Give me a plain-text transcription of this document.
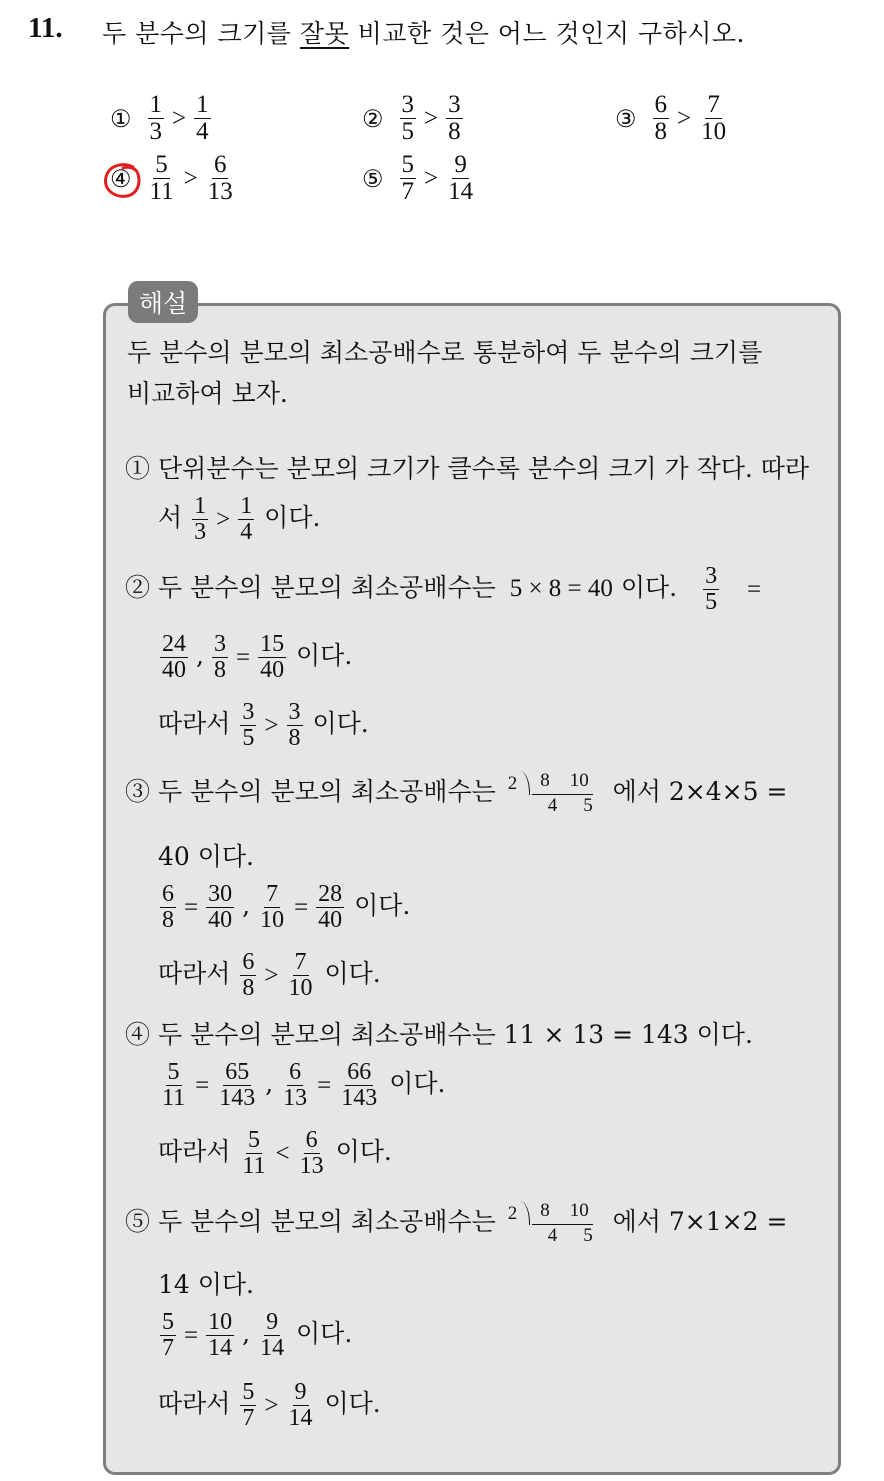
11. 두 분수의 크기를 잘못 비교한 것은 어느 것인지 구하시오.
① $\frac{1}{3} > \frac{1}{4}$	② $\frac{3}{5} > \frac{3}{8}$	③ $\frac{6}{8} > \frac{7}{10}$
④ $\frac{5}{11} > \frac{6}{13}$	⑤ $\frac{5}{7} > \frac{9}{14}$
해설
두 분수의 분모의 최소공배수로 통분하여 두 분수의 크기를
비교하여 보자.
① 단위분수는 분모의 크기가 클수록 분수의 크기 가 작다. 따라
서 $\frac{1}{3} > \frac{1}{4}$ 이다.
② 두 분수의 분모의 최소공배수는 5 × 8 = 40 이다. $\frac{3}{5}$ =
$\frac{24}{40}$ , $\frac{3}{8} = \frac{15}{40}$ 이다.
따라서 $\frac{3}{5} > \frac{3}{8}$ 이다.
③ 두 분수의 분모의 최소공배수는 2 8 10
4 5 에서 2×4×5 =
40 이다.
$\frac{6}{8} = \frac{30}{40}$ , $\frac{7}{10} = \frac{28}{40}$ 이다.
따라서 $\frac{6}{8} > \frac{7}{10}$ 이다.
④ 두 분수의 분모의 최소공배수는 11 × 13 = 143 이다.
$\frac{5}{11} = \frac{65}{143}$ , $\frac{6}{13} = \frac{66}{143}$ 이다.
따라서 $\frac{5}{11} < \frac{6}{13}$ 이다.
⑤ 두 분수의 분모의 최소공배수는 2 8 10
4 5 에서 7×1×2 =
14 이다.
$\frac{5}{7} = \frac{10}{14}$ , $\frac{9}{14}$ 이다.
따라서 $\frac{5}{7} > \frac{9}{14}$ 이다.
